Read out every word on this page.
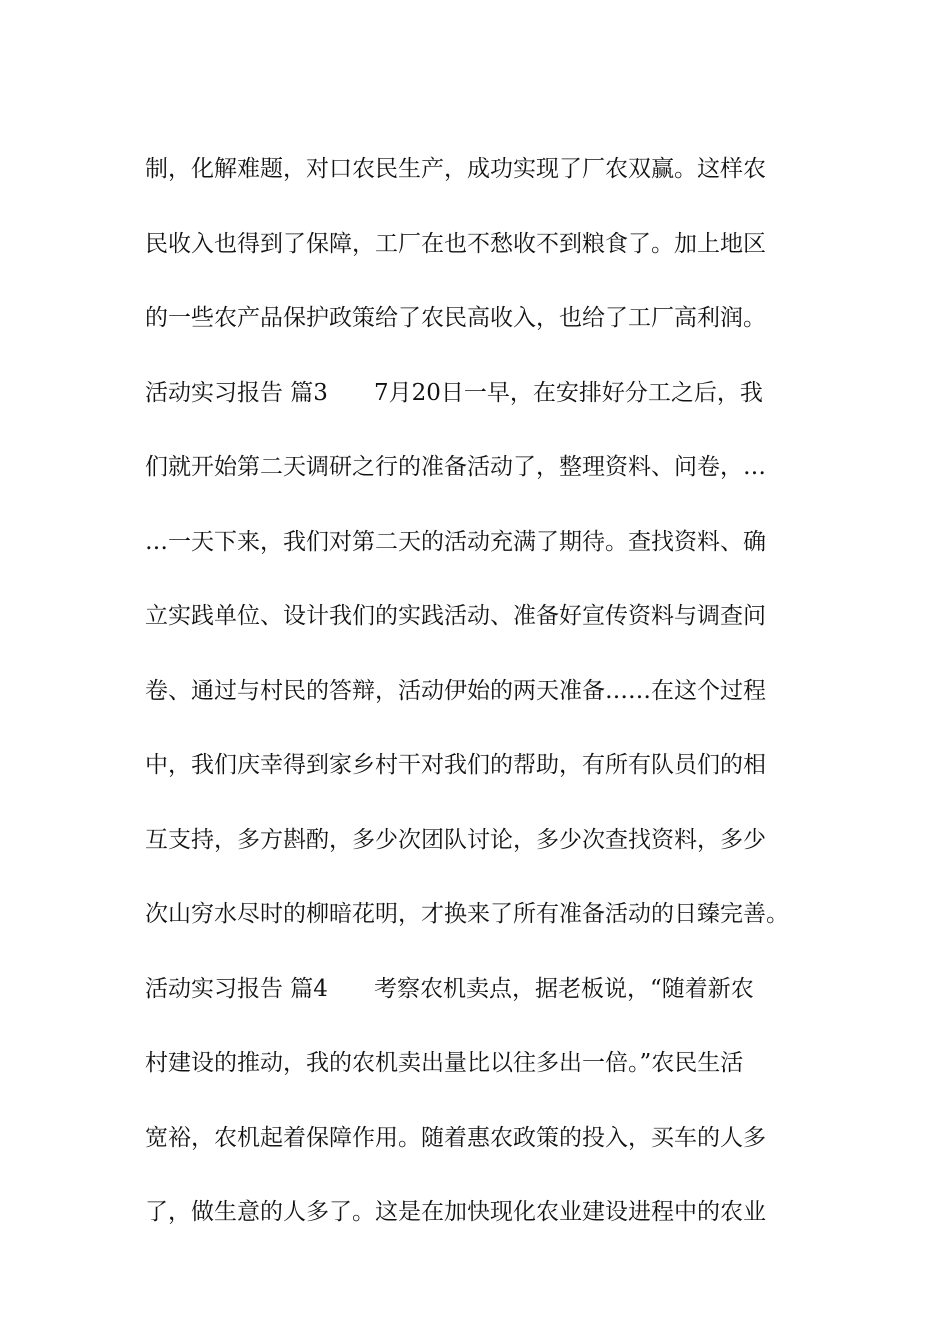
制，化解难题，对口农民生产，成功实现了厂农双赢。这样农
民收入也得到了保障，工厂在也不愁收不到粮食了。加上地区
的一些农产品保护政策给了农民高收入，也给了工厂高利润。
活动实习报告 篇3 7月20日一早，在安排好分工之后，我
们就开始第二天调研之行的准备活动了，整理资料、问卷，…
…一天下来，我们对第二天的活动充满了期待。查找资料、确
立实践单位、设计我们的实践活动、准备好宣传资料与调查问
卷、通过与村民的答辩，活动伊始的两天准备……在这个过程
中，我们庆幸得到家乡村干对我们的帮助，有所有队员们的相
互支持，多方斟酌，多少次团队讨论，多少次查找资料，多少
次山穷水尽时的柳暗花明，才换来了所有准备活动的日臻完善。
活动实习报告 篇4 考察农机卖点，据老板说，“随着新农
村建设的推动，我的农机卖出量比以往多出一倍。”农民生活
宽裕，农机起着保障作用。随着惠农政策的投入，买车的人多
了，做生意的人多了。这是在加快现化农业建设进程中的农业
